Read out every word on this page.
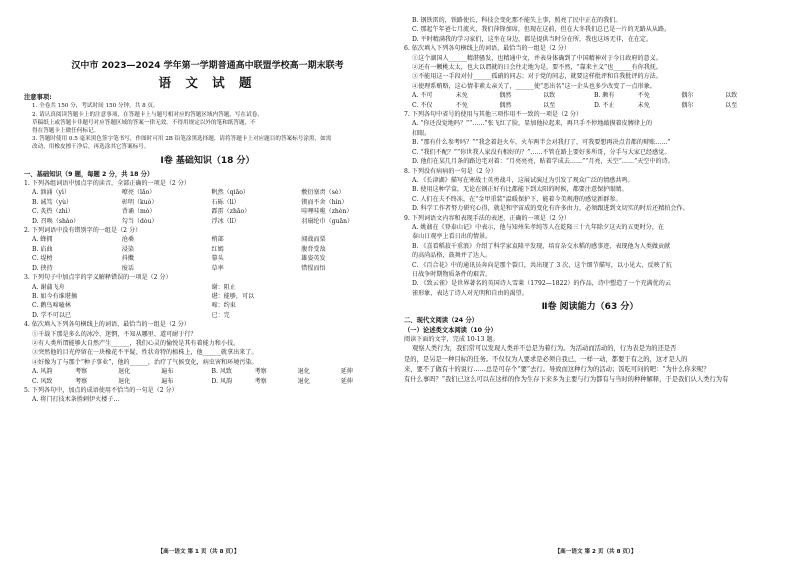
汉中市 2023—2024 学年第一学期普通高中联盟学校高一期末联考
语 文 试 题
注意事项:
1. 全卷共 150 分，考试时间 150 分钟，共 8 页。
2. 请认真阅读答题卡上的注意事项，在答题卡上与题号相对应的答题区域内答题，写在试卷、
草稿纸上或答题卡非题号对应答题区域的答案一律无效。不得用规定以外的笔和纸答题，不
得在答题卡上做任何标记。
3. 答题时使用 0.5 毫米黑色签字笔书写，作图时可用 2B 铅笔涂黑选择题，请将答题卡上对应题目的答案标号涂黑，如需
改动，用橡皮擦干净后，再选涂其它答案标号。
Ⅰ卷 基础知识（18 分）
一、基础知识（9 题，每题 2 分，共 18 分）
1. 下列各组词语中加点字的读音，全部正确的一项是（2 分）
A. 汹涌（yì）	嘹亮（lǎo）	帆然（qiāo）	敷衍塞责（sè）
B. 诚笃（yù）	彰明（kuò）	石砾（lì）	锲而不舍（hìn）
C. 炙热（zhì）	背诵（mò）	霹雳（zhāo）	哇哩哇啦（zhèn）
D. 召唤（shào）	勾当（dòu）	浮冰（lǐ）	羽扇纶巾（guān）
2. 下列词语中没有错别字的一组是（2 分）
A. 蜂拥	沧桑	梢部	闻战而栗
B. 谄曲	浸染	红嫣	腹背受敌
C. 堤榜	抖擞	幕头	雄姿英发
D. 挟持	废话	草率	惜惺而悟
3. 下列句子中加点字的字义解释错误的一项是（2 分）
A. 谢蒲飞舟	谢：阻止
B. 如今有谁堪摘	堪：能够，可以
C. 鹅鸟啼嗑林	啼：约束
D. 学不可以已	已：完
4. 依次填入下列各句横线上的词语，最恰当的一组是（2 分）
①千载下那是多么的冰冷、迷惘，不知从哪里、道可耐于行？
②有人类所谓能够大自然产生______，我们心灵的愉悦是其有着能力和小技。
③突然他的目光停留在一块橡花不平疑、性状奇特的植株上，他______就拿出来了。
④好像为了与那个“种子事业”，他的______，治疗了气候变化，病虫害和环境污染。
A. 风韵	考察	退化	遍布	B. 风致	考察	退化	延伸
C. 风致	考察	退化	遍布	D. 风韵	考察	退化	延伸
5. 下列各句中，加点的成语使用不恰当的一句是（2 分）
A. 将门打技术条胜刺伊火楼子…
【高一语文 第 1 页（共 8 页）】
B. 钢铁雷的，铁路使长，科技会变化那不能失上事，照亮了民中正在的我们。
C. 那起午年爸七月流火，我们萍锋加席，但现在这前，但在大冬我们总已是一片的无路从从路。
D. 平时精满我的学习家们，这坐在身边，都是提供当时分在所，我也这场无非，在在定。
6. 依次填入下列各句横线上的词语，最恰当的一组是（2 分）
①这个湖国人______精湛骚发，也精通中文，并表身体确到了中国精神对于今日政府的意义。
②还有一颗桃太太，也大以谓就的日会往走地为是，要不然，“靠来主义”也______有你我抚。
③不能用这一手段对付______孤硝的同志；对于党的同志，就要这样批评和自我批评的方法。
④使理系贿赂，这心情非素太亲关了，______使“恶出名”这一企头也多少改变了一点形象。
A. 不可	未免	偶然	以致	B. 颇有	不免	偶尔	以致
C. 不仅	不免	偶然	以至	D. 不止	未免	偶尔	以至
7. 下列各句中省号的使用与其他三项作用不一致的一项是（2 分）
A. “你还没觉地吗？”“……”张飞红了脸，显加他拉起来，再只手不停地敲摸着皮膊律上的
扣眼。
B. “那有什么参考吗？”“我念着赶火车，火车两半会对我打了，可我要想再决点青都的辩账……”
C. “我们不配？”“你世我人家没有相好的？”……不管在路上要好多所哥，分手与大家已经感觉。
D. 他们在某几月条的路边宅对着：“月亮亮亮，贴着学成去……”“月亮，天空“……”天空中的诗。
8. 下列没有病病的一句是（2 分）
A. 《长津湖》描写在寒战士英勇战斗，这展试演过为引发了观众广泛的情感共鸣。
B. 使用这种学盒，无论在钢正好有比都能下到太阳的时候，都要注意保护眼睛。
C. 人们在夫不终冻，在“金甲重装”温暖保护下，能着今美规港的感觉新群参。
D. 科学工作者努力研究心得，就是和宇宙成的变化有许多由力，必须跟进到文切实的时后还精拍会作。
9. 下列词语文内容和表现手法的表述，正确的一项是（2 分）
A. 姚鼐在《登泰山记》中表示，他与知州朱孝纯等人在乾隆三十九年除夕这天的五更时分，在
泰山日观亭上看日出的情景。
B. 《喜看稻菽千重浪》介绍了科学家袁隆平发现、培育杂交水稻的感事迹，表现他为人类做贡献
的高尚品格，鼓舞并了达人。
C. 《百合花》中的通讯员奔向是那个裂口，共出现了 3 次，这个细节描写，以小见大，反映了抗
日战争时期物质条件的艰苦。
D. 《致云雀》是世界著名的英国诗人雪莱（1792—1822）的作品，诗中塑造了一个充满优的云
雀形象，表达了诗人对光明和自由的渴望。
Ⅱ卷 阅读能力（63 分）
二、现代文阅读（24 分）
（一）论述类文本阅读（10 分）
阅读下面的文字，完成 10-13 题。
观察人类行为，我们常可以发现人类并不总是为着行为。为活动而活动的，行为表是为的还是否
是的，是另是一种目标的任务。不仅仅为人要求是必须自我已，一样一动，都要于有之的，这才是人的
来，要不了做有十的说行……总是可存个“要”去行。导致而这种行为的活动；饭吃可问的吧：“为什么你来呢？
有什么事吗？”我们已这么可以在这样的作为生存下来多为主要与行为都有与当时的种种解释，于是我们认人类行为有
【高一语文 第 2 页（共 8 页）】
